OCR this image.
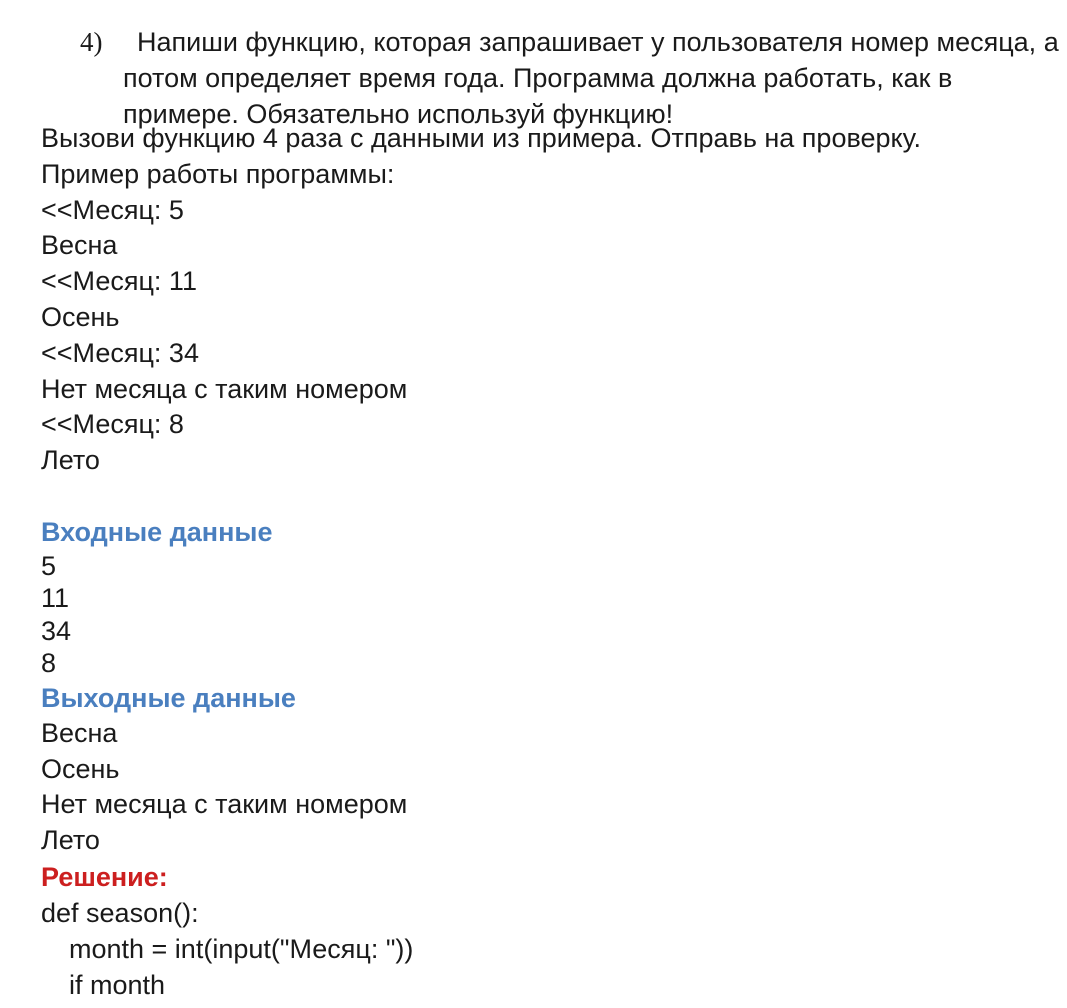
4)	Напиши функцию, которая запрашивает у пользователя номер месяца, а потом определяет время года. Программа должна работать, как в примере. Обязательно используй функцию!
Вызови функцию 4 раза с данными из примера. Отправь на проверку.
Пример работы программы:
<<Месяц: 5
Весна
<<Месяц: 11
Осень
<<Месяц: 34
Нет месяца с таким номером
<<Месяц: 8
Лето
Входные данные
5
11
34
8
Выходные данные
Весна
Осень
Нет месяца с таким номером
Лето
Решение:
def season():
month = int(input("Месяц: "))
if month
